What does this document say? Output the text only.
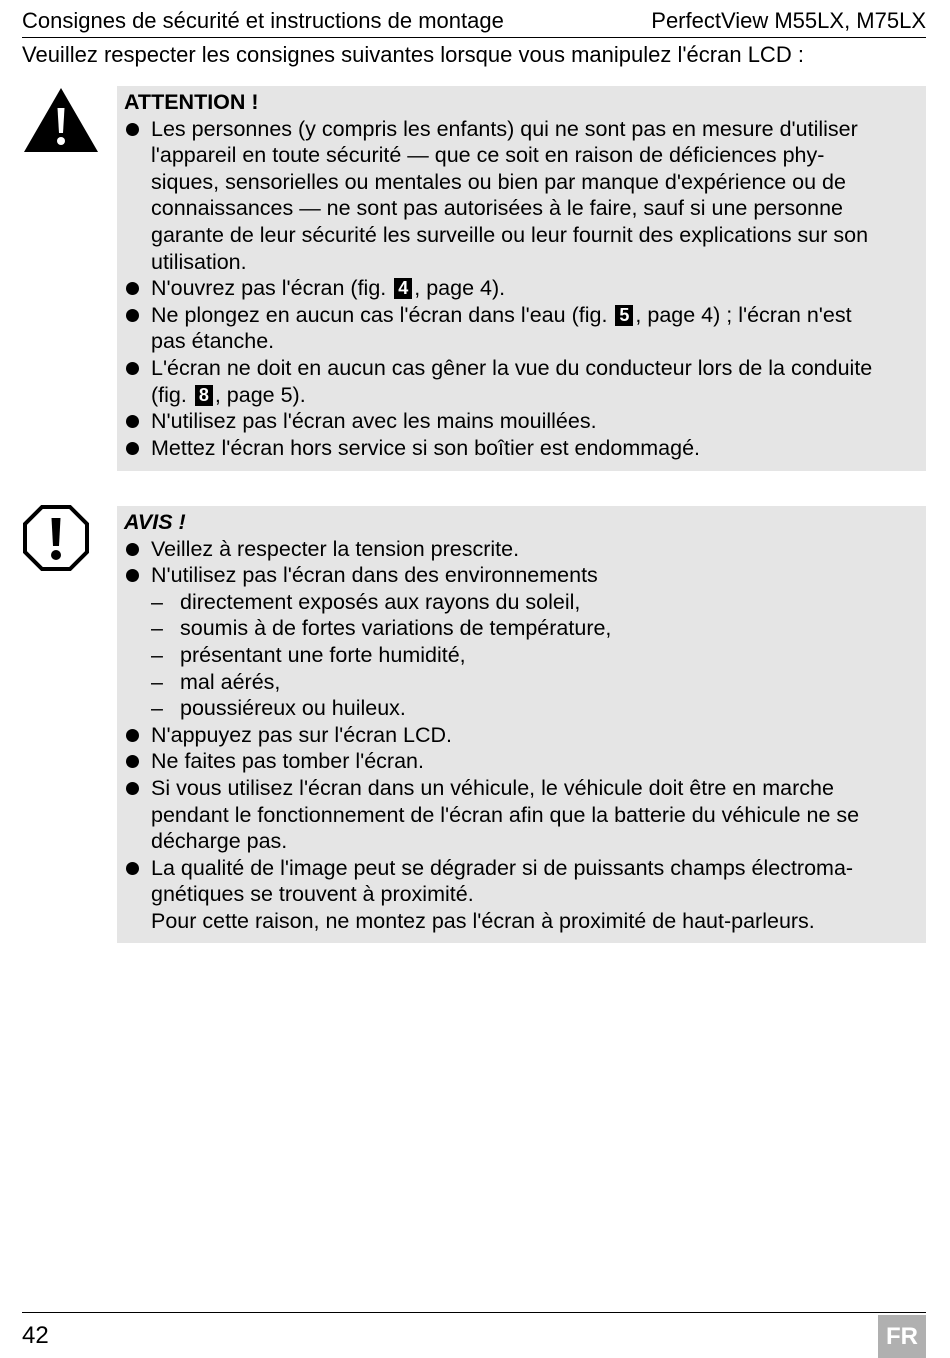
Consignes de sécurité et instructions de montage	PerfectView M55LX, M75LX
Veuillez respecter les consignes suivantes lorsque vous manipulez l'écran LCD :
ATTENTION !
Les personnes (y compris les enfants) qui ne sont pas en mesure d'utiliser
l'appareil en toute sécurité — que ce soit en raison de déficiences phy-
siques, sensorielles ou mentales ou bien par manque d'expérience ou de
connaissances — ne sont pas autorisées à le faire, sauf si une personne
garante de leur sécurité les surveille ou leur fournit des explications sur son
utilisation.
N'ouvrez pas l'écran (fig. 4 , page 4).
Ne plongez en aucun cas l'écran dans l'eau (fig. 5 , page 4) ; l'écran n'est
pas étanche.
L'écran ne doit en aucun cas gêner la vue du conducteur lors de la conduite
(fig. 8 , page 5).
N'utilisez pas l'écran avec les mains mouillées.
Mettez l'écran hors service si son boîtier est endommagé.
AVIS !
Veillez à respecter la tension prescrite.
N'utilisez pas l'écran dans des environnements
– directement exposés aux rayons du soleil,
– soumis à de fortes variations de température,
– présentant une forte humidité,
– mal aérés,
– poussiéreux ou huileux.
N'appuyez pas sur l'écran LCD.
Ne faites pas tomber l'écran.
Si vous utilisez l'écran dans un véhicule, le véhicule doit être en marche
pendant le fonctionnement de l'écran afin que la batterie du véhicule ne se
décharge pas.
La qualité de l'image peut se dégrader si de puissants champs électroma-
gnétiques se trouvent à proximité.
Pour cette raison, ne montez pas l'écran à proximité de haut-parleurs.
42	FR
